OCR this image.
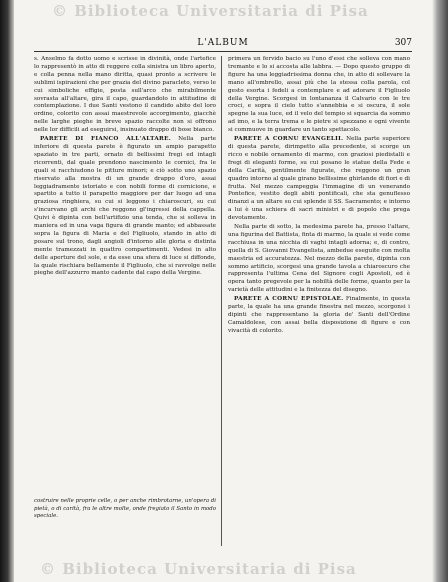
© Biblioteca Universitaria di Pisa
L'ALBUM	307

s. Anselmo fa dotto uomo e scrisse in divinità, onde l'artefice lo rappresentò in atto di reggere colla sinistra un libro aperto, e colla penna nella mano diritta, quasi pronto a scrivere le sublimi ispirazioni che per grazia del divino paracleto, verso le cui simboliche effigie, posta sull'arco che mirabilmente sovrasta all'altare, gira il capo, guardandolo in attitudine di contemplazione. I due Santi vestono il candido abito del loro ordine, colorito con assai maestrevole accorgimento, giacchè nelle larghe pieghe in breve spazio raccolte non si offrono nelle lor difficili ad eseguirsi, insinuato drappo di bose bianco.

PARETE DI FIANCO ALL'ALTARE. Nella parte inferiore di questa parete è figurato un ampio parapetto spaziato in tre parti, ornato di bellissimi fregi ed intagli ricorrenti, dal quale prendono nascimento le cornici, fra le quali si racchiudono le pitture minori; e ciò sotto uno spazio riservato alla mostra di un grande drappo d'oro, assai leggiadramente istoriato e con nobili forme di cornicione, e spartito a tutto il parapetto maggiore per dar luogo ad una graziosa ringhiera, su cui si leggono i chiaroscuri, su cui s'incurvano gli archi che reggono gl'ingressi della cappella. Quivi è dipinta con bell'artifizio una tenda, che si solleva in maniera ed in una vaga figura di grande manto; ed abbassate sopra la figura di Maria e del Figliuolo, stando in atto di posare sul trono, dagli angioli d'intorno alle gloria e distinta mente tramezzati in quattro compartimenti. Vedesi in alto delle aperture del sole, e da esse una sfera di luce si diffonde, la quale rischiara bellamente il Figliuolo, che si ravvolge nelle pieghe dell'azzurro manto cadente dal capo della Vergine.

primera un fervido bacio su l'uno d'essi che solleva con mano tremante e lo si accosta alle labbra. — Dopo questo gruppo di figure ha una leggiadrissima donna che, in atto di sollevare la mano all'ombrello, assai più che la stessa colla parola, col gesto esorta i fedeli a contemplare e ad adorare il Figliuolo della Vergine. Scorgesi in lontananza il Calvario con le tre croci, e sopra il cielo tutto s'annebbia e si oscura, il sole spegne la sua luce, ed il velo del tempio si squarcia da sommo ad imo, e la terra trema e le pietre si spezzano e ogni vivente si commuove in guardare un tanto spettacolo.

PARETE A CORNU EVANGELII. Nella parte superiore di questa parete, dirimpetto alla precedente, si scorge un ricco e nobile ornamento di marmo, con graziosi piedistalli e fregi di eleganti forme, su cui posano le statue della Fede e della Carità, gentilmente figurate, che reggono un gran quadro intorno al quale girano bellissime ghirlande di fiori e di frutta. Nel mezzo campeggia l'immagine di un venerando Pontefice, vestito degli abiti pontificali, che sta genuflesso dinanzi a un altare su cui splende il SS. Sacramento; e intorno a lui è una schiera di sacri ministri e di popolo che prega devotamente.

Nella parte di sotto, la medesima parete ha, presso l'altare, una figurina del Battista, finta di marmo, la quale si vede come racchiusa in una nicchia di vaghi intagli adorna; e, di contro, quella di S. Giovanni Evangelista, ambedue eseguite con molta maestria ed accuratezza. Nel mezzo della parete, dipinta con sommo artificio, scorgesi una grande tavola a chiaroscuro che rappresenta l'ultima Cena del Signore cogli Apostoli, ed è opera tanto pregevole per la nobiltà delle forme, quanto per la varietà delle attitudini e la finitezza del disegno.

PARETE A CORNU EPISTOLAE. Finalmente, in questa parte, la quale ha una grande finestra nel mezzo, scorgonsi i dipinti che rappresentano la gloria de' Santi dell'Ordine Camaldolese, con assai bella disposizione di figure e con vivacità di colorito.

costruire nelle proprie celle, o per anche rimbrotarne, un'opera di pietà, o di carità, fra le altre molte, onde fregiato il Santo in modo speciale.

© Biblioteca Universitaria di Pisa
